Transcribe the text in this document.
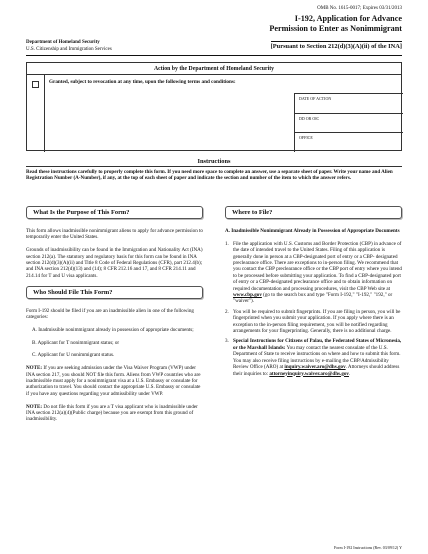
OMB No. 1615-0017; Expires 03/31/2013
I-192, Application for Advance
Permission to Enter as Nonimmigrant
[Pursuant to Section 212(d)(3)(A)(ii) of the INA]
Department of Homeland Security
U.S. Citizenship and Immigration Services
Action by the Department of Homeland Security
Granted, subject to revocation at any time, upon the following terms and conditions:
DATE OF ACTION
DD OR OIC
OFFICE
Instructions
Read these instructions carefully to properly complete this form. If you need more space to complete an answer, use a separate sheet of paper. Write your name and Alien Registration Number (A-Number), if any, at the top of each sheet of paper and indicate the section and number of the item to which the answer refers.
What Is the Purpose of This Form?
This form allows inadmissible nonimmigrant aliens to apply for advance permission to temporarily enter the United States.
Grounds of inadmissibility can be found in the Immigration and Nationality Act (INA) section 212(a). The statutory and regulatory basis for this form can be found in INA section 212(d)(3)(A)(ii) and Title 8 Code of Federal Regulations (CFR), part 212.4(b); and INA section 212(d)(13) and (14); 8 CFR 212.16 and 17, and 8 CFR 214.11 and 214.14 for T and U visa applicants.
Who Should File This Form?
Form I-192 should be filed if you are an inadmissible alien in one of the following categories:
A. Inadmissible nonimmigrant already in possession of appropriate documents;
B. Applicant for T nonimmigrant status; or
C. Applicant for U nonimmigrant status.
NOTE: If you are seeking admission under the Visa Waiver Program (VWP) under INA section 217, you should NOT file this form. Aliens from VWP countries who are inadmissible must apply for a nonimmigrant visa at a U.S. Embassy or consulate for authorization to travel. You should contact the appropriate U.S. Embassy or consulate if you have any questions regarding your admissibility under VWP.
NOTE: Do not file this form if you are a T visa applicant who is inadmissible under INA section 212(a)(4)(Public charge) because you are exempt from this ground of inadmissibility.
Where to File?
A. Inadmissible Nonimmigrant Already in Possession of Appropriate Documents
1. File the application with U.S. Customs and Border Protection (CBP) in advance of the date of intended travel to the United States. Filing of this application is generally done in person at a CBP-designated port of entry or a CBP- designated preclearance office. There are exceptions to in-person filing. We recommend that you contact the CBP preclearance office or the CBP port of entry where you intend to be processed before submitting your application. To find a CBP-designated port of entry or a CBP-designated preclearance office and to obtain information on required documentation and processing procedures, visit the CBP Web site at www.cbp.gov (go to the search box and type "Form I-192," "I-192," "192," or "waiver").
2. You will be required to submit fingerprints. If you are filing in person, you will be fingerprinted when you submit your application. If you apply where there is an exception to the in-person filing requirement, you will be notified regarding arrangements for your fingerprinting. Generally, there is no additional charge.
3. Special Instructions for Citizens of Palau, the Federated States of Micronesia, or the Marshall Islands: You may contact the nearest consulate of the U.S. Department of State to receive instructions on where and how to submit this form. You may also receive filing instructions by e-mailing the CBP/Admissibility Review Office (ARO) at inquiry.waiver.aro@dhs.gov. Attorneys should address their inquiries to: attorneyinquiry.waiver.aro@dhs.gov.
Form I-192 Instructions (Rev. 03/09/12) Y
